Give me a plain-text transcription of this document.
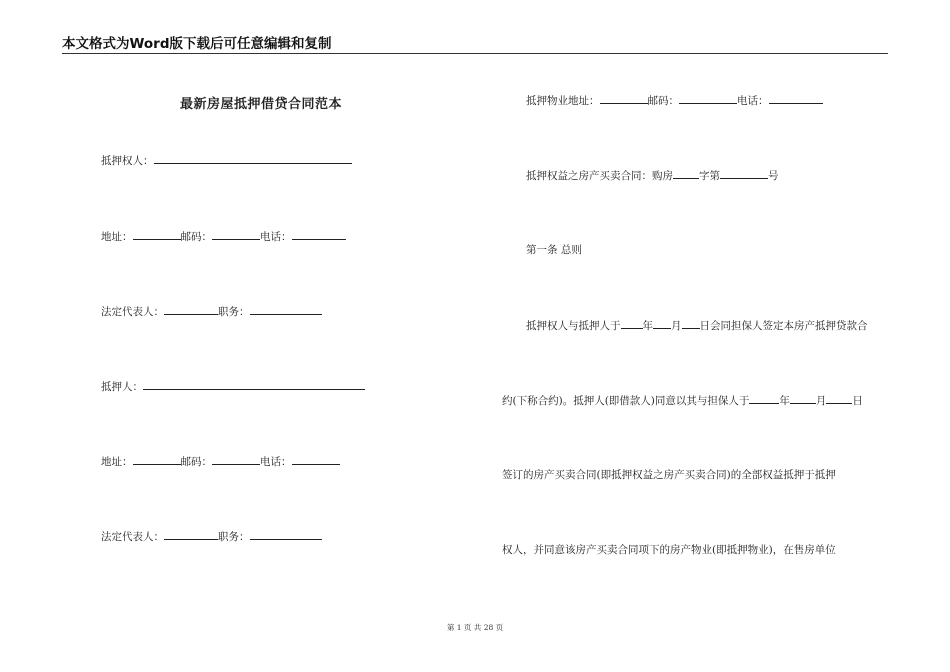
本文格式为Word版下载后可任意编辑和复制
最新房屋抵押借贷合同范本
抵押权人：
地址：	邮码：	电话：
法定代表人：	职务：
抵押人：
地址：	邮码：	电话：
法定代表人：	职务：
抵押物业地址：	邮码：	电话：
抵押权益之房产买卖合同：购房 字第	号
第一条 总则
抵押权人与抵押人于 年 月 日会同担保人签定本房产抵押贷款合
约(下称合约)。抵押人(即借款人)同意以其与担保人于	年 月 日
签订的房产买卖合同(即抵押权益之房产买卖合同)的全部权益抵押于抵押
权人，并同意该房产买卖合同项下的房产物业(即抵押物业)，在售房单位
第 1 页 共 28 页
